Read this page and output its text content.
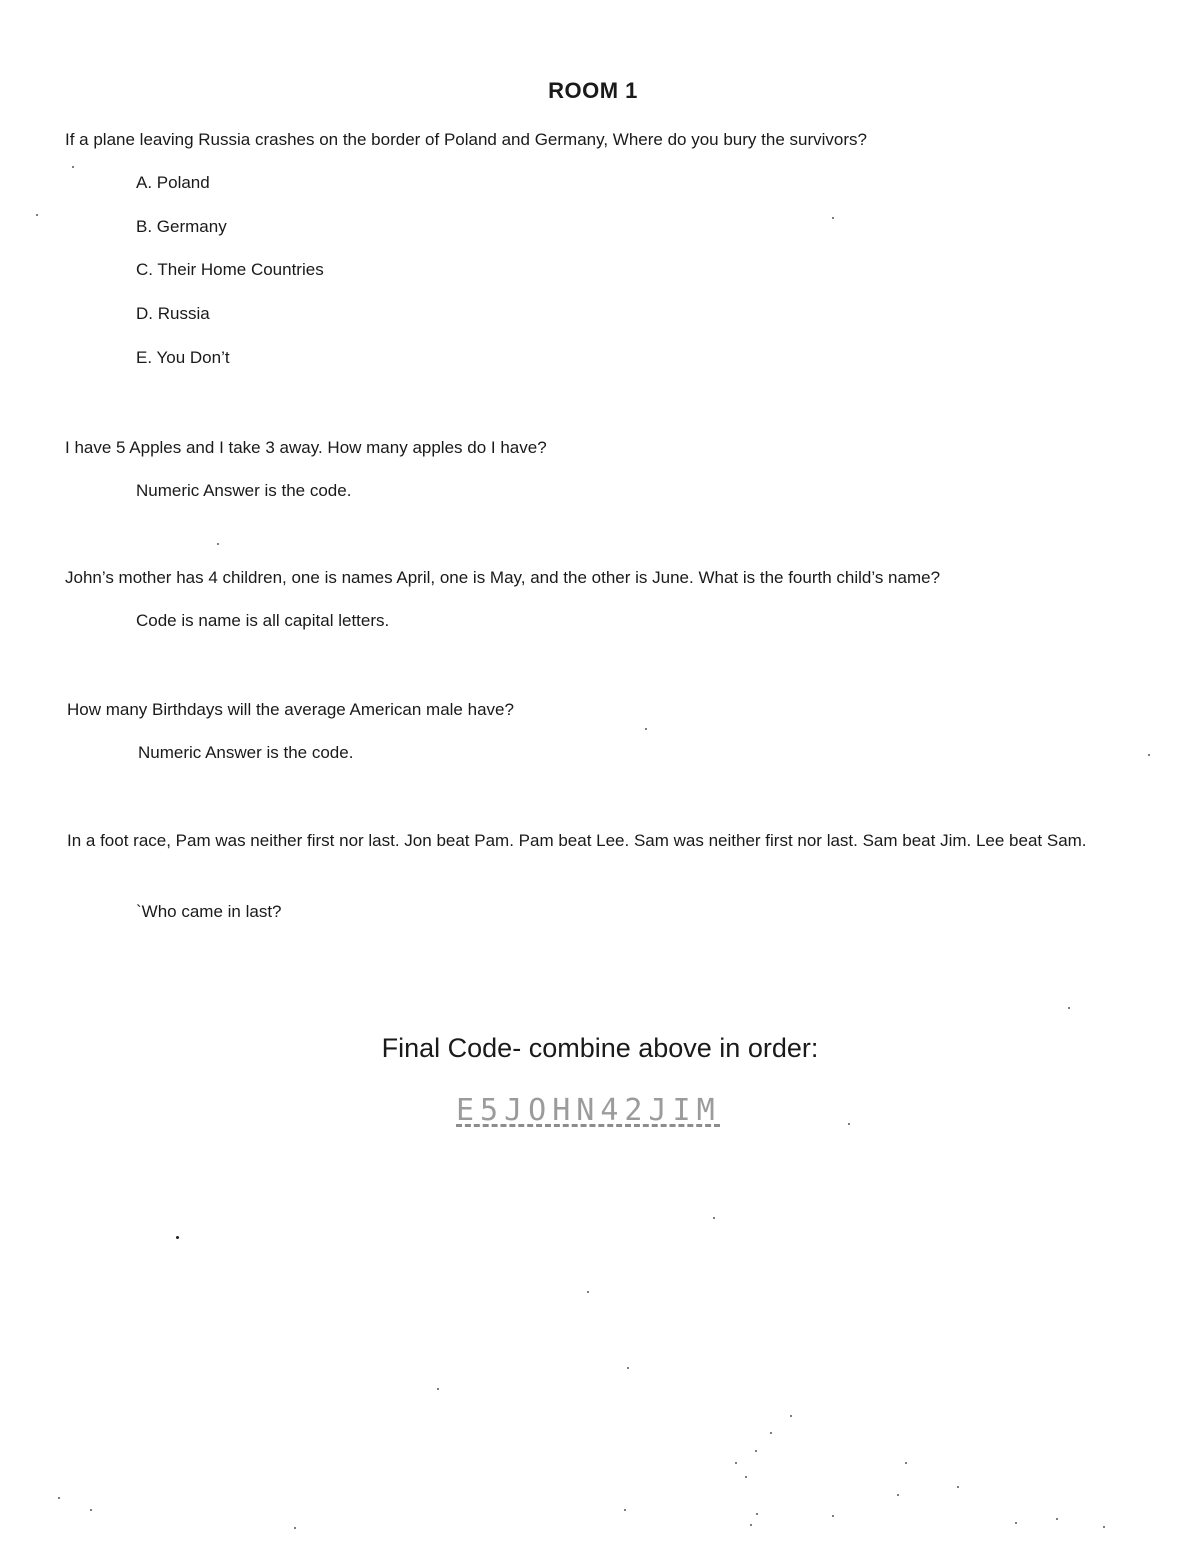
ROOM 1
If a plane leaving Russia crashes on the border of Poland and Germany, Where do you bury the survivors?
A. Poland
B. Germany
C. Their Home Countries
D. Russia
E. You Don’t
I have 5 Apples and I take 3 away. How many apples do I have?
Numeric Answer is the code.
John’s mother has 4 children, one is names April, one is May, and the other is June. What is the fourth child’s name?
Code is name is all capital letters.
How many Birthdays will the average American male have?
Numeric Answer is the code.
In a foot race, Pam was neither first nor last. Jon beat Pam. Pam beat Lee. Sam was neither first nor last. Sam beat Jim. Lee beat Sam.
`Who came in last?
Final Code- combine above in order:
E5JOHN42JIM
